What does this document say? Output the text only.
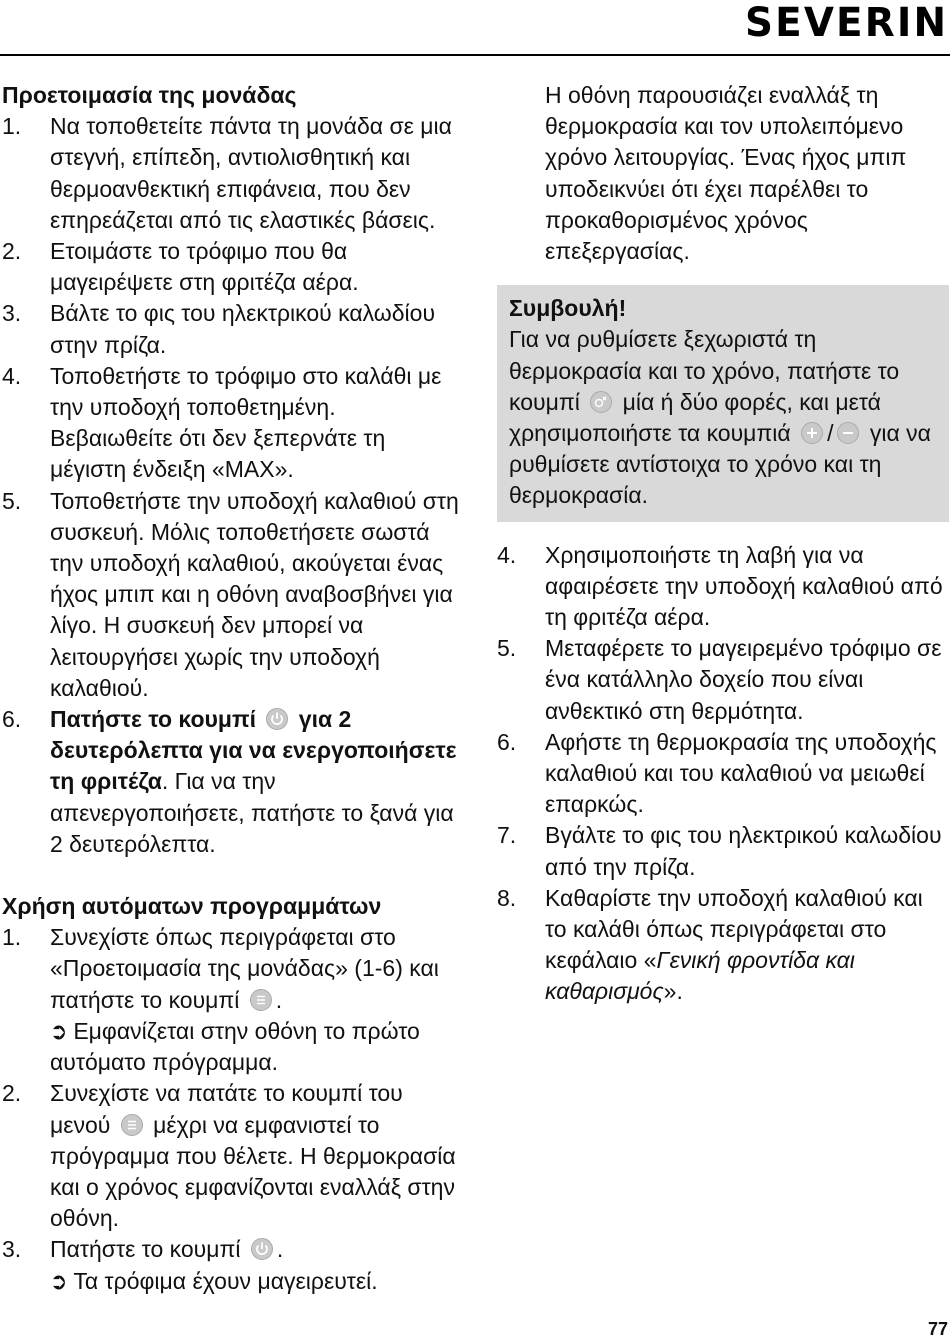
SEVERIN

Προετοιμασία της μονάδας

1.	Να τοποθετείτε πάντα τη μονάδα σε μια στεγνή, επίπεδη, αντιολισθητική και θερμοανθεκτική επιφάνεια, που δεν επηρεάζεται από τις ελαστικές βάσεις.
2.	Ετοιμάστε το τρόφιμο που θα μαγειρέψετε στη φριτέζα αέρα.
3.	Βάλτε το φις του ηλεκτρικού καλωδίου στην πρίζα.
4.	Τοποθετήστε το τρόφιμο στο καλάθι με την υποδοχή τοποθετημένη. Βεβαιωθείτε ότι δεν ξεπερνάτε τη μέγιστη ένδειξη «MAX».
5.	Τοποθετήστε την υποδοχή καλαθιού στη συσκευή. Μόλις τοποθετήσετε σωστά την υποδοχή καλαθιού, ακούγεται ένας ήχος μπιπ και η οθόνη αναβοσβήνει για λίγο. Η συσκευή δεν μπορεί να λειτουργήσει χωρίς την υποδοχή καλαθιού.
6.	Πατήστε το κουμπί για 2 δευτερόλεπτα για να ενεργοποιήσετε τη φριτέζα. Για να την απενεργοποιήσετε, πατήστε το ξανά για 2 δευτερόλεπτα.

Χρήση αυτόματων προγραμμάτων

1.	Συνεχίστε όπως περιγράφεται στο «Προετοιμασία της μονάδας» (1-6) και πατήστε το κουμπί .

➲ Εμφανίζεται στην οθόνη το πρώτο αυτόματο πρόγραμμα.

2.	Συνεχίστε να πατάτε το κουμπί του μενού μέχρι να εμφανιστεί το πρόγραμμα που θέλετε. Η θερμοκρασία και ο χρόνος εμφανίζονται εναλλάξ στην οθόνη.
3.	Πατήστε το κουμπί .

➲ Τα τρόφιμα έχουν μαγειρευτεί.

Η οθόνη παρουσιάζει εναλλάξ τη θερμοκρασία και τον υπολειπόμενο χρόνο λειτουργίας. Ένας ήχος μπιπ υποδεικνύει ότι έχει παρέλθει το προκαθορισμένος χρόνος επεξεργασίας.

Συμβουλή!
Για να ρυθμίσετε ξεχωριστά τη θερμοκρασία και το χρόνο, πατήστε το κουμπί μία ή δύο φορές, και μετά χρησιμοποιήστε τα κουμπιά / για να ρυθμίσετε αντίστοιχα το χρόνο και τη θερμοκρασία.
4.	Χρησιμοποιήστε τη λαβή για να αφαιρέσετε την υποδοχή καλαθιού από τη φριτέζα αέρα.
5.	Μεταφέρετε το μαγειρεμένο τρόφιμο σε ένα κατάλληλο δοχείο που είναι ανθεκτικό στη θερμότητα.
6.	Αφήστε τη θερμοκρασία της υποδοχής καλαθιού και του καλαθιού να μειωθεί επαρκώς.
7.	Βγάλτε το φις του ηλεκτρικού καλωδίου από την πρίζα.
8.	Καθαρίστε την υποδοχή καλαθιού και το καλάθι όπως περιγράφεται στο κεφάλαιο «Γενική φροντίδα και καθαρισμός».
77
